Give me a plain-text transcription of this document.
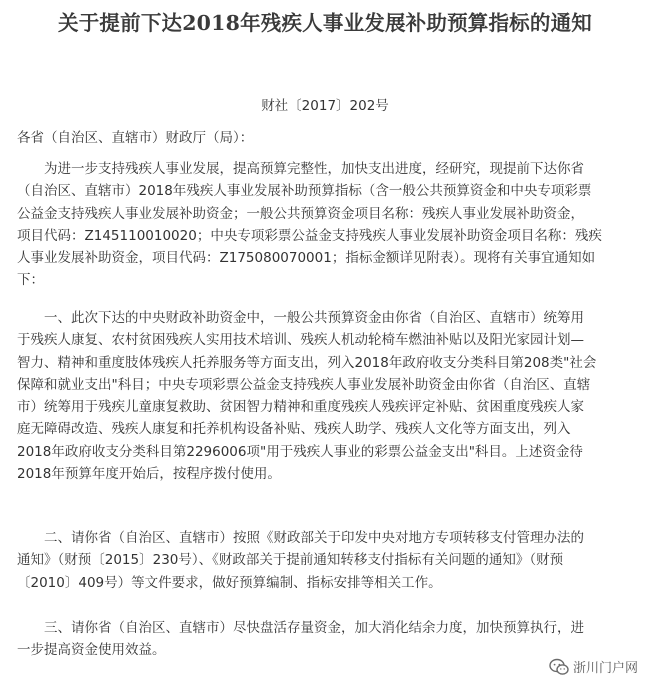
关于提前下达2018年残疾人事业发展补助预算指标的通知
财社〔2017〕202号
各省（自治区、直辖市）财政厅（局）：
为进一步支持残疾人事业发展，提高预算完整性，加快支出进度，经研究，现提前下达你省
（自治区、直辖市）2018年残疾人事业发展补助预算指标（含一般公共预算资金和中央专项彩票
公益金支持残疾人事业发展补助资金；一般公共预算资金项目名称：残疾人事业发展补助资金，
项目代码：Z145110010020；中央专项彩票公益金支持残疾人事业发展补助资金项目名称：残疾
人事业发展补助资金，项目代码：Z175080070001；指标金额详见附表）。现将有关事宜通知如
下：
一、此次下达的中央财政补助资金中，一般公共预算资金由你省（自治区、直辖市）统筹用
于残疾人康复、农村贫困残疾人实用技术培训、残疾人机动轮椅车燃油补贴以及阳光家园计划—
智力、精神和重度肢体残疾人托养服务等方面支出，列入2018年政府收支分类科目第208类"社会
保障和就业支出"科目；中央专项彩票公益金支持残疾人事业发展补助资金由你省（自治区、直辖
市）统筹用于残疾儿童康复救助、贫困智力精神和重度残疾人残疾评定补贴、贫困重度残疾人家
庭无障碍改造、残疾人康复和托养机构设备补贴、残疾人助学、残疾人文化等方面支出，列入
2018年政府收支分类科目第2296006项"用于残疾人事业的彩票公益金支出"科目。上述资金待
2018年预算年度开始后，按程序拨付使用。
二、请你省（自治区、直辖市）按照《财政部关于印发中央对地方专项转移支付管理办法的
通知》（财预〔2015〕230号）、《财政部关于提前通知转移支付指标有关问题的通知》（财预
〔2010〕409号）等文件要求，做好预算编制、指标安排等相关工作。
三、请你省（自治区、直辖市）尽快盘活存量资金，加大消化结余力度，加快预算执行，进
一步提高资金使用效益。
浙川门户网
